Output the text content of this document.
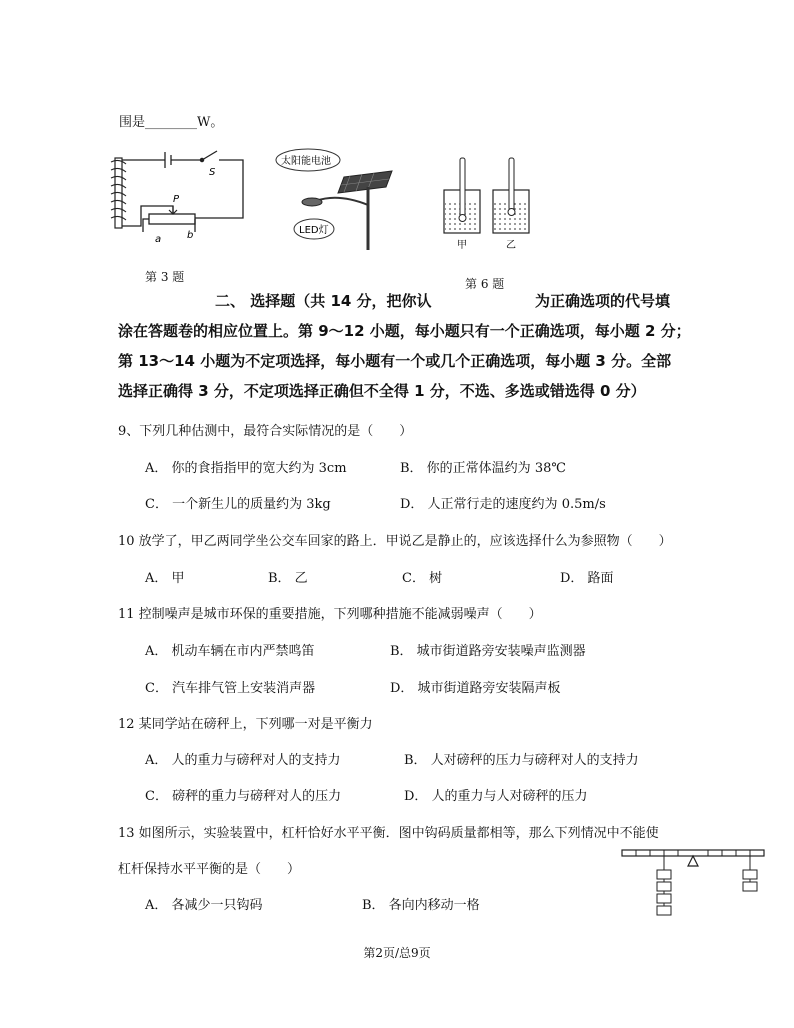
围是________W。
S
P
a	b
第 3 题
太阳能电池
LED灯
甲	乙
第 6 题
二、 选择题（共 14 分，把你认	为正确选项的代号填
涂在答题卷的相应位置上。第 9～12 小题，每小题只有一个正确选项，每小题 2 分；
第 13～14 小题为不定项选择，每小题有一个或几个正确选项，每小题 3 分。全部
选择正确得 3 分，不定项选择正确但不全得 1 分，不选、多选或错选得 0 分）
9、下列几种估测中，最符合实际情况的是（　　）
A． 你的食指指甲的宽大约为 3cm	B． 你的正常体温约为 38℃
C． 一个新生儿的质量约为 3kg	D． 人正常行走的速度约为 0.5m/s
10 放学了，甲乙两同学坐公交车回家的路上．甲说乙是静止的，应该选择什么为参照物（　　）
A． 甲	B． 乙	C． 树	D． 路面
11 控制噪声是城市环保的重要措施，下列哪种措施不能减弱噪声（　　）
A． 机动车辆在市内严禁鸣笛	B． 城市街道路旁安装噪声监测器
C． 汽车排气管上安装消声器	D． 城市街道路旁安装隔声板
12 某同学站在磅秤上，下列哪一对是平衡力
A． 人的重力与磅秤对人的支持力	B． 人对磅秤的压力与磅秤对人的支持力
C． 磅秤的重力与磅秤对人的压力	D． 人的重力与人对磅秤的压力
13 如图所示，实验装置中，杠杆恰好水平平衡．图中钩码质量都相等，那么下列情况中不能使
杠杆保持水平平衡的是（　　）
A． 各减少一只钩码	B． 各向内移动一格
第2页/总9页
